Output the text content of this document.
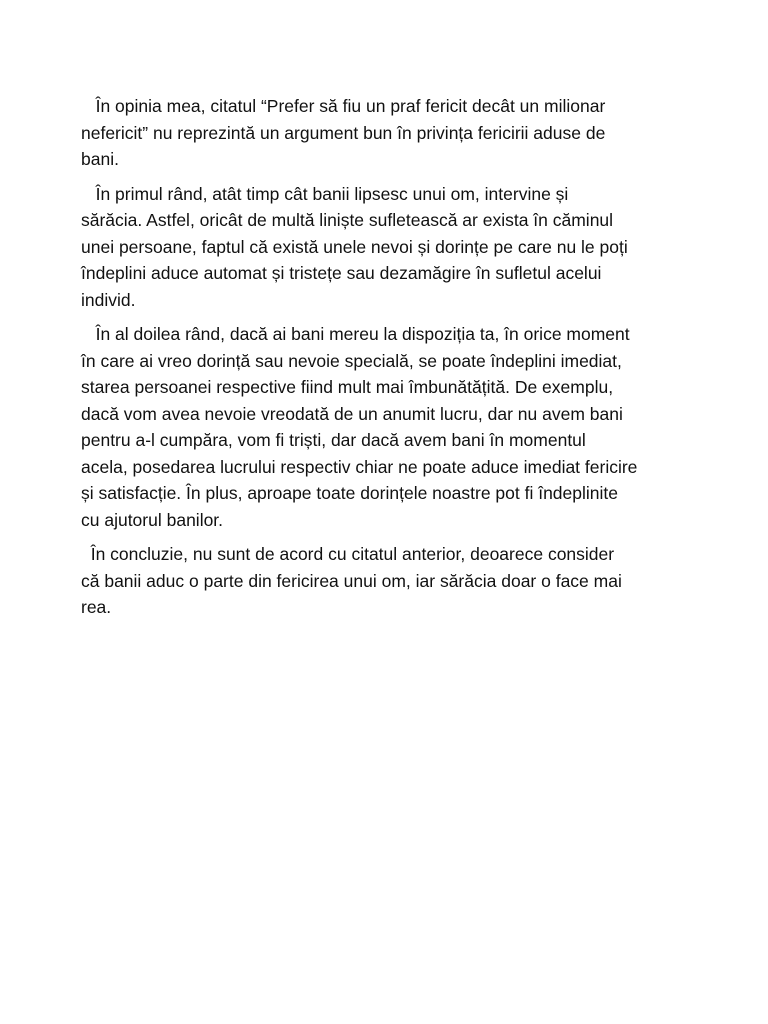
În opinia mea, citatul “Prefer să fiu un praf fericit decât un milionar
nefericit” nu reprezintă un argument bun în privința fericirii aduse de
bani.

În primul rând, atât timp cât banii lipsesc unui om, intervine și
sărăcia. Astfel, oricât de multă liniște sufletească ar exista în căminul
unei persoane, faptul că există unele nevoi și dorințe pe care nu le poți
îndeplini aduce automat și tristețe sau dezamăgire în sufletul acelui
individ.

În al doilea rând, dacă ai bani mereu la dispoziția ta, în orice moment
în care ai vreo dorință sau nevoie specială, se poate îndeplini imediat,
starea persoanei respective fiind mult mai îmbunătățită. De exemplu,
dacă vom avea nevoie vreodată de un anumit lucru, dar nu avem bani
pentru a-l cumpăra, vom fi triști, dar dacă avem bani în momentul
acela, posedarea lucrului respectiv chiar ne poate aduce imediat fericire
și satisfacție. În plus, aproape toate dorințele noastre pot fi îndeplinite
cu ajutorul banilor.

În concluzie, nu sunt de acord cu citatul anterior, deoarece consider
că banii aduc o parte din fericirea unui om, iar sărăcia doar o face mai
rea.
